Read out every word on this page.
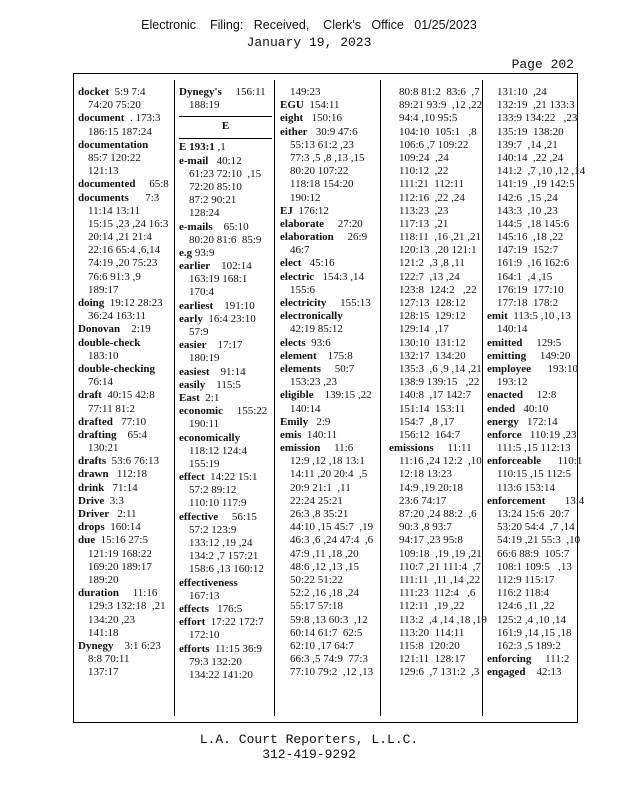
Electronic    Filing:   Received,    Clerk's   Office   01/25/2023
January 19, 2023
Page 202
docket  5:9 7:4
74:20 75:20
document  . 173:3
186:15 187:24
documentation
85:7 120:22
121:13
documented     65:8
documents      7:3
11:14 13:11
15:15 ,23 ,24 16:3
20:14 ,21 21:4
22:16 65:4 ,6,14
74:19 ,20 75:23
76:6 91:3 ,9
189:17
doing  19:12 28:23
36:24 163:11
Donovan    2:19
double-check
183:10
double-checking
76:14
draft  40:15 42:8
77:11 81:2
drafted   77:10
drafting    65:4
130:21
drafts  53:6 76:13
drawn   112:18
drink   71:14
Drive  3:3
Driver   2:11
drops  160:14
due  15:16 27:5
121:19 168:22
169:20 189:17
189:20
duration     11:16
129:3 132:18  ,21
134:20 ,23
141:18
Dynegy    3:1 6:23
8:8 70:11
137:17
Dynegy's     156:11
188:19
E
E 193:1 ,1
e-mail   40:12
61:23 72:10  ,15
72:20 85:10
87:2 90:21
128:24
e-mails    65:10
80:20 81:6  85:9
e.g 93:9
earlier    102:14
163:19 168:1
170:4
earliest    191:10
early  16:4 23:10
57:9
easier    17:17
180:19
easiest    91:14
easily    115:5
East  2:1
economic     155:22
190:11
economically
118:12 124:4
155:19
effect  14:22 15:1
57:2 89:12
110:10 117:9
effective     56:15
57:2 123:9
133:12 ,19 ,24
134:2 ,7 157:21
158:6 ,13 160:12
effectiveness
167:13
effects   176:5
effort  17:22 172:7
172:10
efforts  11:15 36:9
79:3 132:20
134:22 141:20
149:23
EGU  154:11
eight   150:16
either   30:9 47:6
55:13 61:2 ,23
77:3 ,5 ,8 ,13 ,15
80:20 107:22
118:18 154:20
190:12
EJ  176:12
elaborate     27:20
elaboration     26:9
46:7
elect   45:16
electric   154:3 ,14
155:6
electricity     155:13
electronically
42:19 85:12
elects  93:6
element    175:8
elements     50:7
153:23 ,23
eligible    139:15 ,22
140:14
Emily   2:9
emis  140:11
emission     11:6
12:9 ,12 ,18 13:1
14:11 ,20 20:4  ,5
20:9 21:1  ,11
22:24 25:21
26:3 ,8 35:21
44:10 ,15 45:7  ,19
46:3 ,6 ,24 47:4  ,6
47:9 ,11 ,18 ,20
48:6 ,12 ,13 ,15
50:22 51:22
52:2 ,16 ,18 ,24
55:17 57:18
59:8 ,13 60:3  ,12
60:14 61:7  62:5
62:10 ,17 64:7
66:3 ,5 74:9  77:3
77:10 79:2  ,12 ,13
80:8 81:2  83:6  ,7
89:21 93:9  ,12 ,22
94:4 ,10 95:5
104:10  105:1   ,8
106:6 ,7 109:22
109:24  ,24
110:12  ,22
111:21  112:11
112:16  ,22 ,24
113:23  ,23
117:13  ,21
118:11  ,16 ,21 ,21
120:13  ,20 121:1
121:2  ,3 ,8 ,11
122:7  ,13 ,24
123:8  124:2   ,22
127:13  128:12
128:15  129:12
129:14  ,17
130:10  131:12
132:17  134:20
135:3  ,6 ,9 ,14 ,21
138:9 139:15   ,22
140:8  ,17 142:7
151:14  153:11
154:7  ,8 ,17
156:12  164:7
emissions     11:11
11:16 ,24 12:2  ,10
12:18 13:23
14:9 ,19 20:18
23:6 74:17
87:20 ,24 88:2  ,6
90:3 ,8 93:7
94:17 ,23 95:8
109:18  ,19 ,19 ,21
110:7 ,21 111:4  ,7
111:11  ,11 ,14 ,22
111:23  112:4   ,6
112:11  ,19 ,22
113:2  ,4 ,14 ,18 ,19
113:20  114:11
115:8  120:20
121:11  128:17
129:6  ,7 131:2  ,3
131:10  ,24
132:19  ,21 133:3
133:9 134:22   ,23
135:19  138:20
139:7  ,14 ,21
140:14  ,22 ,24
141:2  ,7 ,10 ,12 ,14
141:19  ,19 142:5
142:6  ,15 ,24
143:3  ,10 ,23
144:5  ,18 145:6
145:16  ,18 ,22
147:19  152:7
161:9  ,16 162:6
164:1  ,4 ,15
176:19  177:10
177:18  178:2
emit  113:5 ,10 ,13
140:14
emitted     129:5
emitting     149:20
employee      193:10
193:12
enacted     12:8
ended   40:10
energy   172:14
enforce   110:19 ,23
111:5 ,15 112:13
enforceable      110:1
110:15 ,15 112:5
113:6 153:14
enforcement       13:4
13:24 15:6  20:7
53:20 54:4  ,7 ,14
54:19 ,21 55:3  ,10
66:6 88:9  105:7
108:1 109:5   ,13
112:9 115:17
116:2 118:4
124:6 ,11 ,22
125:2 ,4 ,10 ,14
161:9 ,14 ,15 ,18
162:3 ,5 189:2
enforcing     111:2
engaged    42:13
L.A. Court Reporters, L.L.C.
312-419-9292
